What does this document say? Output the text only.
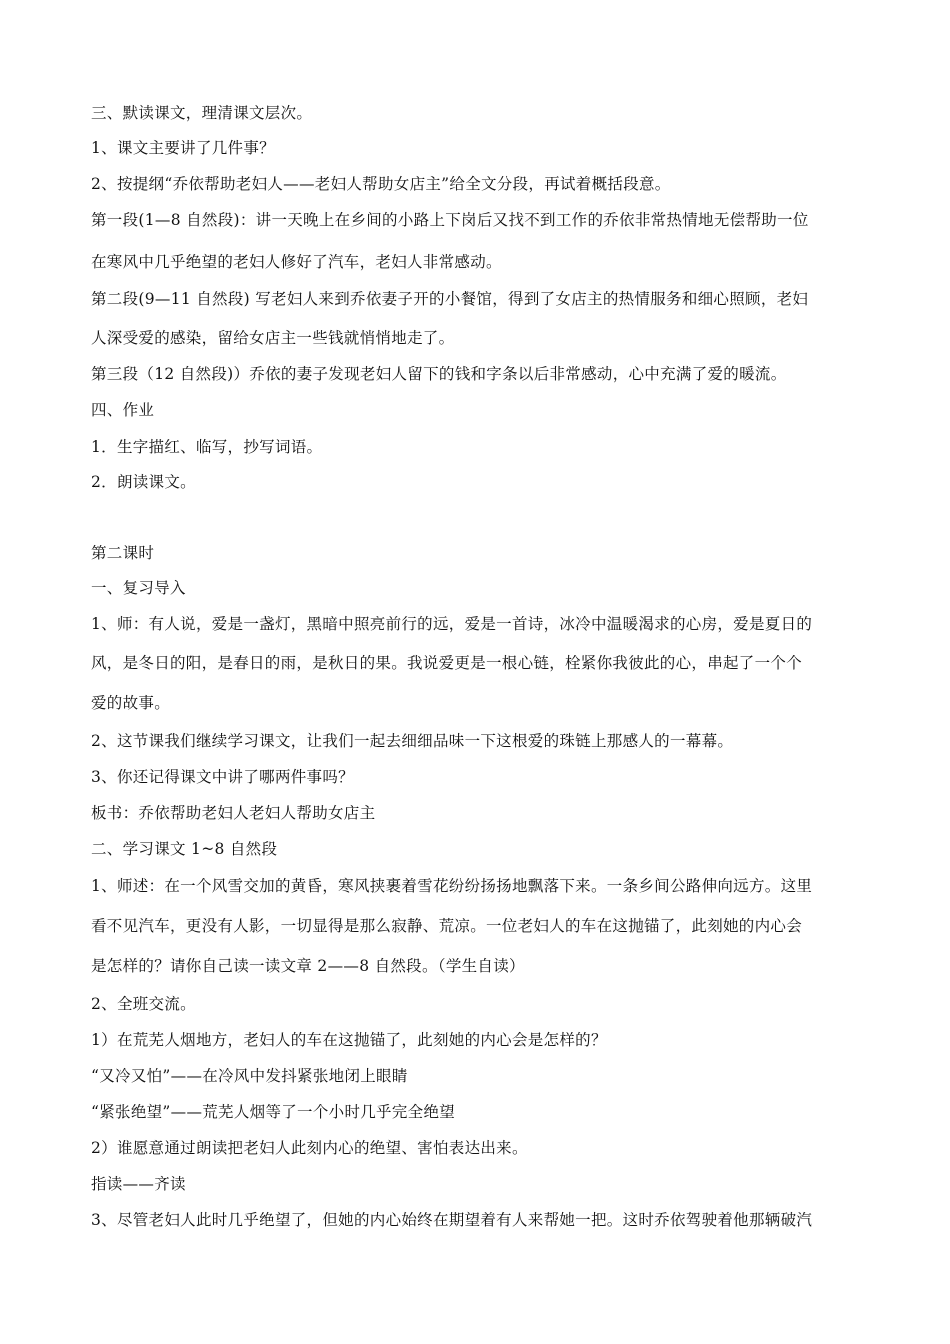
三、默读课文，理清课文层次。
1、课文主要讲了几件事？
2、按提纲“乔依帮助老妇人——老妇人帮助女店主”给全文分段，再试着概括段意。
第一段(1—8 自然段)：讲一天晚上在乡间的小路上下岗后又找不到工作的乔依非常热情地无偿帮助一位
在寒风中几乎绝望的老妇人修好了汽车，老妇人非常感动。
第二段(9—11 自然段) 写老妇人来到乔依妻子开的小餐馆，得到了女店主的热情服务和细心照顾，老妇
人深受爱的感染，留给女店主一些钱就悄悄地走了。
第三段（12 自然段)）乔依的妻子发现老妇人留下的钱和字条以后非常感动，心中充满了爱的暖流。
四、作业
1．生字描红、临写，抄写词语。
2．朗读课文。
第二课时
一、复习导入
1、师：有人说，爱是一盏灯，黑暗中照亮前行的远，爱是一首诗，冰冷中温暖渴求的心房，爱是夏日的
风，是冬日的阳，是春日的雨，是秋日的果。我说爱更是一根心链，栓紧你我彼此的心，串起了一个个
爱的故事。
2、这节课我们继续学习课文，让我们一起去细细品味一下这根爱的珠链上那感人的一幕幕。
3、你还记得课文中讲了哪两件事吗？
板书：乔依帮助老妇人老妇人帮助女店主
二、学习课文 1~8 自然段
1、师述：在一个风雪交加的黄昏，寒风挟裹着雪花纷纷扬扬地飘落下来。一条乡间公路伸向远方。这里
看不见汽车，更没有人影，一切显得是那么寂静、荒凉。一位老妇人的车在这抛锚了，此刻她的内心会
是怎样的？请你自己读一读文章 2——8 自然段。（学生自读）
2、全班交流。
1）在荒芜人烟地方，老妇人的车在这抛锚了，此刻她的内心会是怎样的？
“又冷又怕”——在冷风中发抖紧张地闭上眼睛
“紧张绝望”——荒芜人烟等了一个小时几乎完全绝望
2）谁愿意通过朗读把老妇人此刻内心的绝望、害怕表达出来。
指读——齐读
3、尽管老妇人此时几乎绝望了，但她的内心始终在期望着有人来帮她一把。这时乔依驾驶着他那辆破汽
